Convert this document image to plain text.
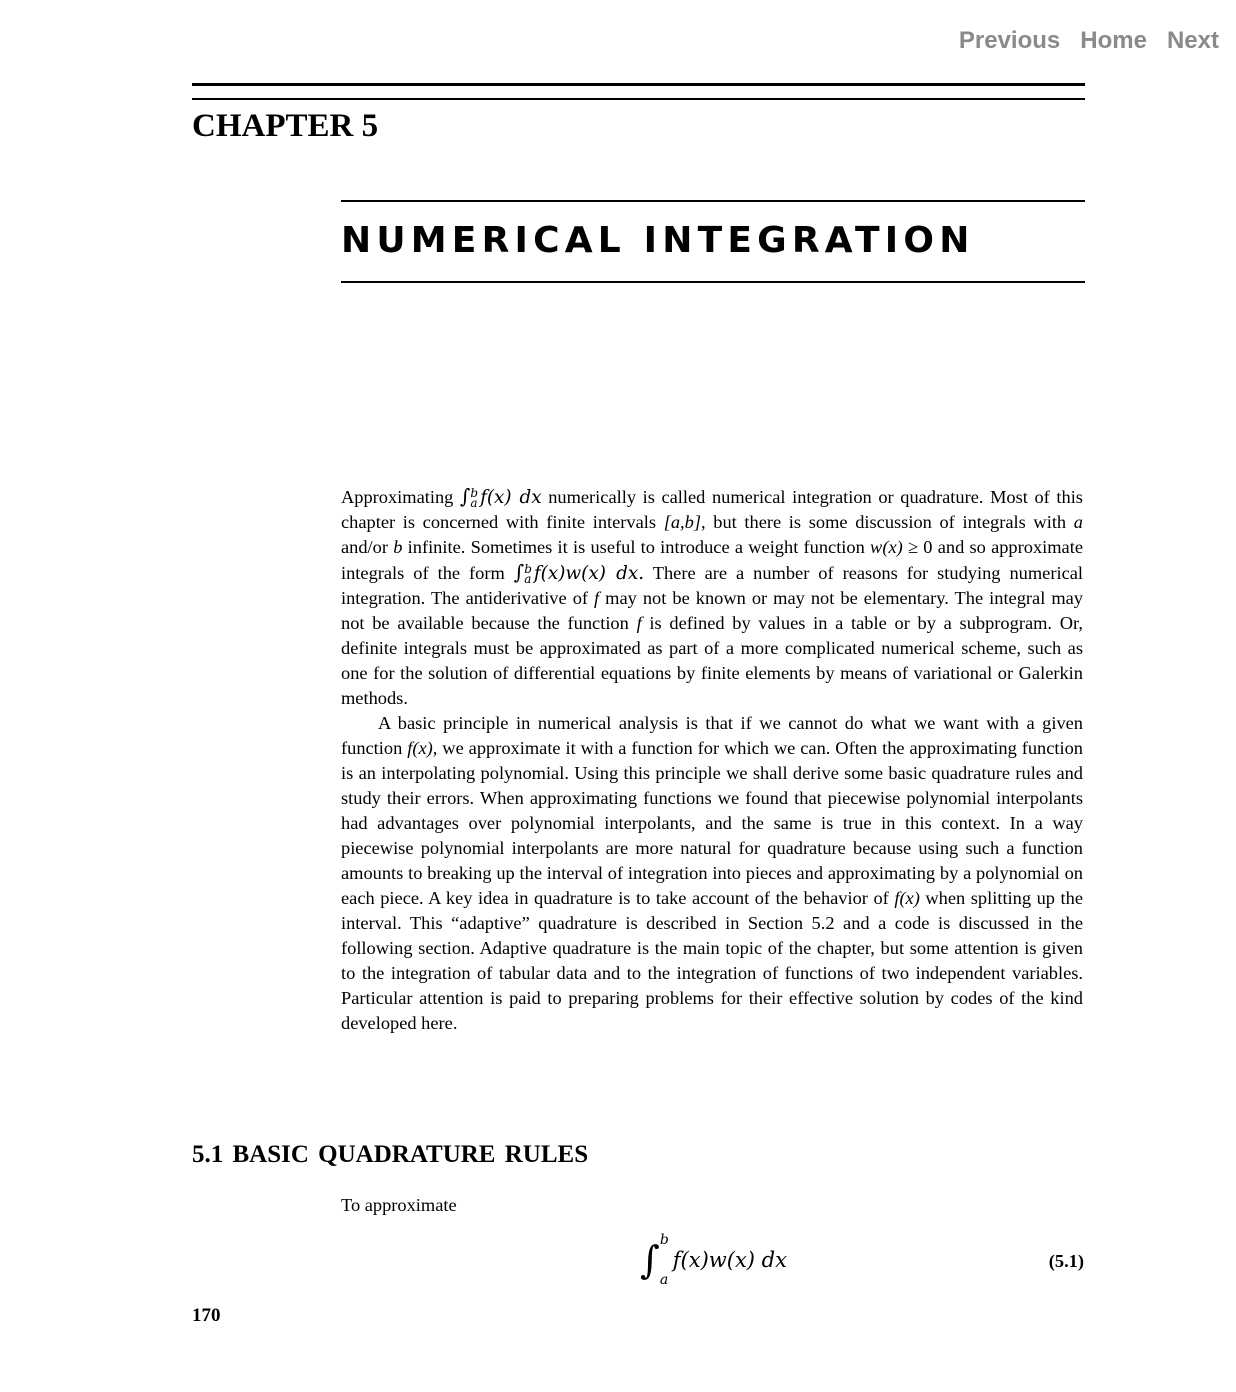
Previous Home Next
CHAPTER 5
NUMERICAL INTEGRATION

Approximating ∫ b
a f(x) dx numerically is called numerical integration or quadrature. Most of this chapter is concerned with finite intervals [a,b], but there is some discussion of integrals with a and/or b infinite. Sometimes it is useful to introduce a weight function w(x) ≥ 0 and so approximate integrals of the form ∫ b
a f(x)w(x) dx. There are a number of reasons for studying numerical integration. The antiderivative of f may not be known or may not be elementary. The integral may not be available because the function f is defined by values in a table or by a subprogram. Or, definite integrals must be approximated as part of a more complicated numerical scheme, such as one for the solution of differential equations by finite elements by means of variational or Galerkin methods.

A basic principle in numerical analysis is that if we cannot do what we want with a given function f(x), we approximate it with a function for which we can. Often the approximating function is an interpolating polynomial. Using this principle we shall derive some basic quadrature rules and study their errors. When approximating functions we found that piecewise polynomial interpolants had advantages over polynomial interpolants, and the same is true in this context. In a way piecewise polynomial interpolants are more natural for quadrature because using such a function amounts to breaking up the interval of integration into pieces and approximating by a polynomial on each piece. A key idea in quadrature is to take account of the behavior of f(x) when splitting up the interval. This “adaptive” quadrature is described in Section 5.2 and a code is discussed in the following section. Adaptive quadrature is the main topic of the chapter, but some attention is given to the integration of tabular data and to the integration of functions of two independent variables. Particular attention is paid to preparing problems for their effective solution by codes of the kind developed here.

5.1 BASIC QUADRATURE RULES
To approximate
∫ b
a
f(x)w(x) dx	(5.1)
170
